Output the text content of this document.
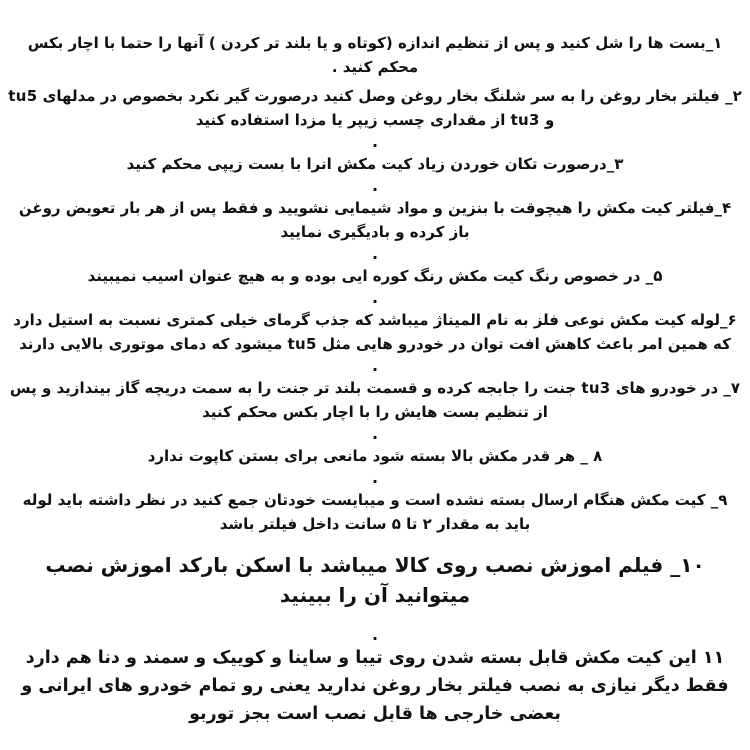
۱_بست ها را شل کنید و پس از تنظیم اندازه (کوتاه و یا بلند تر کردن ) آنها را حتما با اچار بکس محکم کنید .
۲_ فیلتر بخار روغن را به سر شلنگ بخار روغن وصل کنید درصورت گیر نکرد بخصوص در مدلهای tu5 و tu3 از مقداری چسب زیپر یا مزدا استفاده کنید
.
۳_درصورت تکان خوردن زیاد کیت مکش انرا با بست زیپی محکم کنید
.
۴_فیلتر کیت مکش را هیچوقت با بنزین و مواد شیمایی نشویید و فقط پس از هر بار تعویض روغن باز کرده و بادیگیری نمایید
.
۵_ در خصوص رنگ کیت مکش رنگ کوره ایی بوده و به هیچ عنوان اسیب نمیبیند
.
۶_لوله کیت مکش نوعی فلز به نام المیناژ میباشد که جذب گرمای خیلی کمتری نسبت به استیل دارد که همین امر باعث کاهش افت توان در خودرو هایی مثل tu5 میشود که دمای موتوری بالایی دارند
.
۷_ در خودرو های tu3 جنت را جابجه کرده و قسمت بلند تر جنت را به سمت دریچه گاز بیندازید و پس از تنظیم بست هایش را با اچار بکس محکم کنید
.
۸ _ هر قدر مکش بالا بسته شود مانعی برای بستن کاپوت ندارد
.
۹_ کیت مکش هنگام ارسال بسته نشده است و میبایست خودتان جمع کنید در نظر داشته باید لوله باید به مقدار ۲ تا ۵ سانت داخل فیلتر باشد
۱۰_ فیلم اموزش نصب روی کالا میباشد با اسکن بارکد اموزش نصب میتوانید آن را ببینید
.
۱۱ این کیت مکش قابل بسته شدن روی تیبا و ساینا و کوییک و سمند و دنا هم دارد فقط دیگر نیازی به نصب فیلتر بخار روغن ندارید یعنی رو تمام خودرو های ایرانی و بعضی خارجی ها قابل نصب است بجز توربو
